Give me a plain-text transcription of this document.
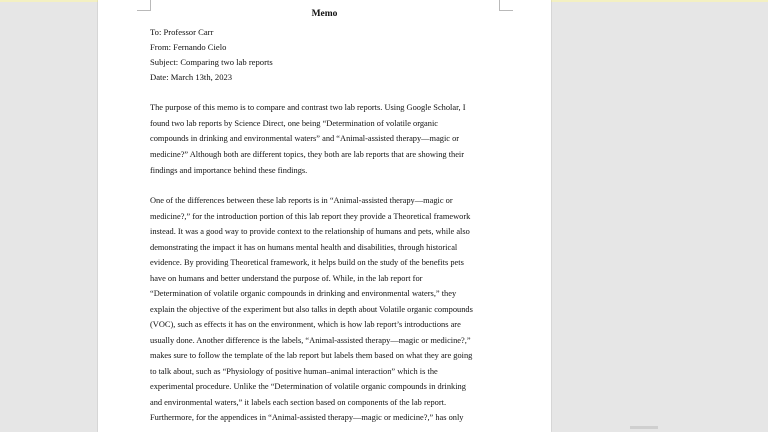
Memo
To: Professor Carr
From: Fernando Cielo
Subject: Comparing two lab reports
Date: March 13th, 2023
The purpose of this memo is to compare and contrast two lab reports. Using Google Scholar, I
found two lab reports by Science Direct, one being “Determination of volatile organic
compounds in drinking and environmental waters” and “Animal-assisted therapy—magic or
medicine?” Although both are different topics, they both are lab reports that are showing their
findings and importance behind these findings.
One of the differences between these lab reports is in “Animal-assisted therapy—magic or
medicine?,” for the introduction portion of this lab report they provide a Theoretical framework
instead. It was a good way to provide context to the relationship of humans and pets, while also
demonstrating the impact it has on humans mental health and disabilities, through historical
evidence. By providing Theoretical framework, it helps build on the study of the benefits pets
have on humans and better understand the purpose of. While, in the lab report for
“Determination of volatile organic compounds in drinking and environmental waters,” they
explain the objective of the experiment but also talks in depth about Volatile organic compounds
(VOC), such as effects it has on the environment, which is how lab report’s introductions are
usually done. Another difference is the labels, “Animal-assisted therapy—magic or medicine?,”
makes sure to follow the template of the lab report but labels them based on what they are going
to talk about, such as “Physiology of positive human–animal interaction” which is the
experimental procedure. Unlike the “Determination of volatile organic compounds in drinking
and environmental waters,” it labels each section based on components of the lab report.
Furthermore, for the appendices in “Animal-assisted therapy—magic or medicine?,” has only
